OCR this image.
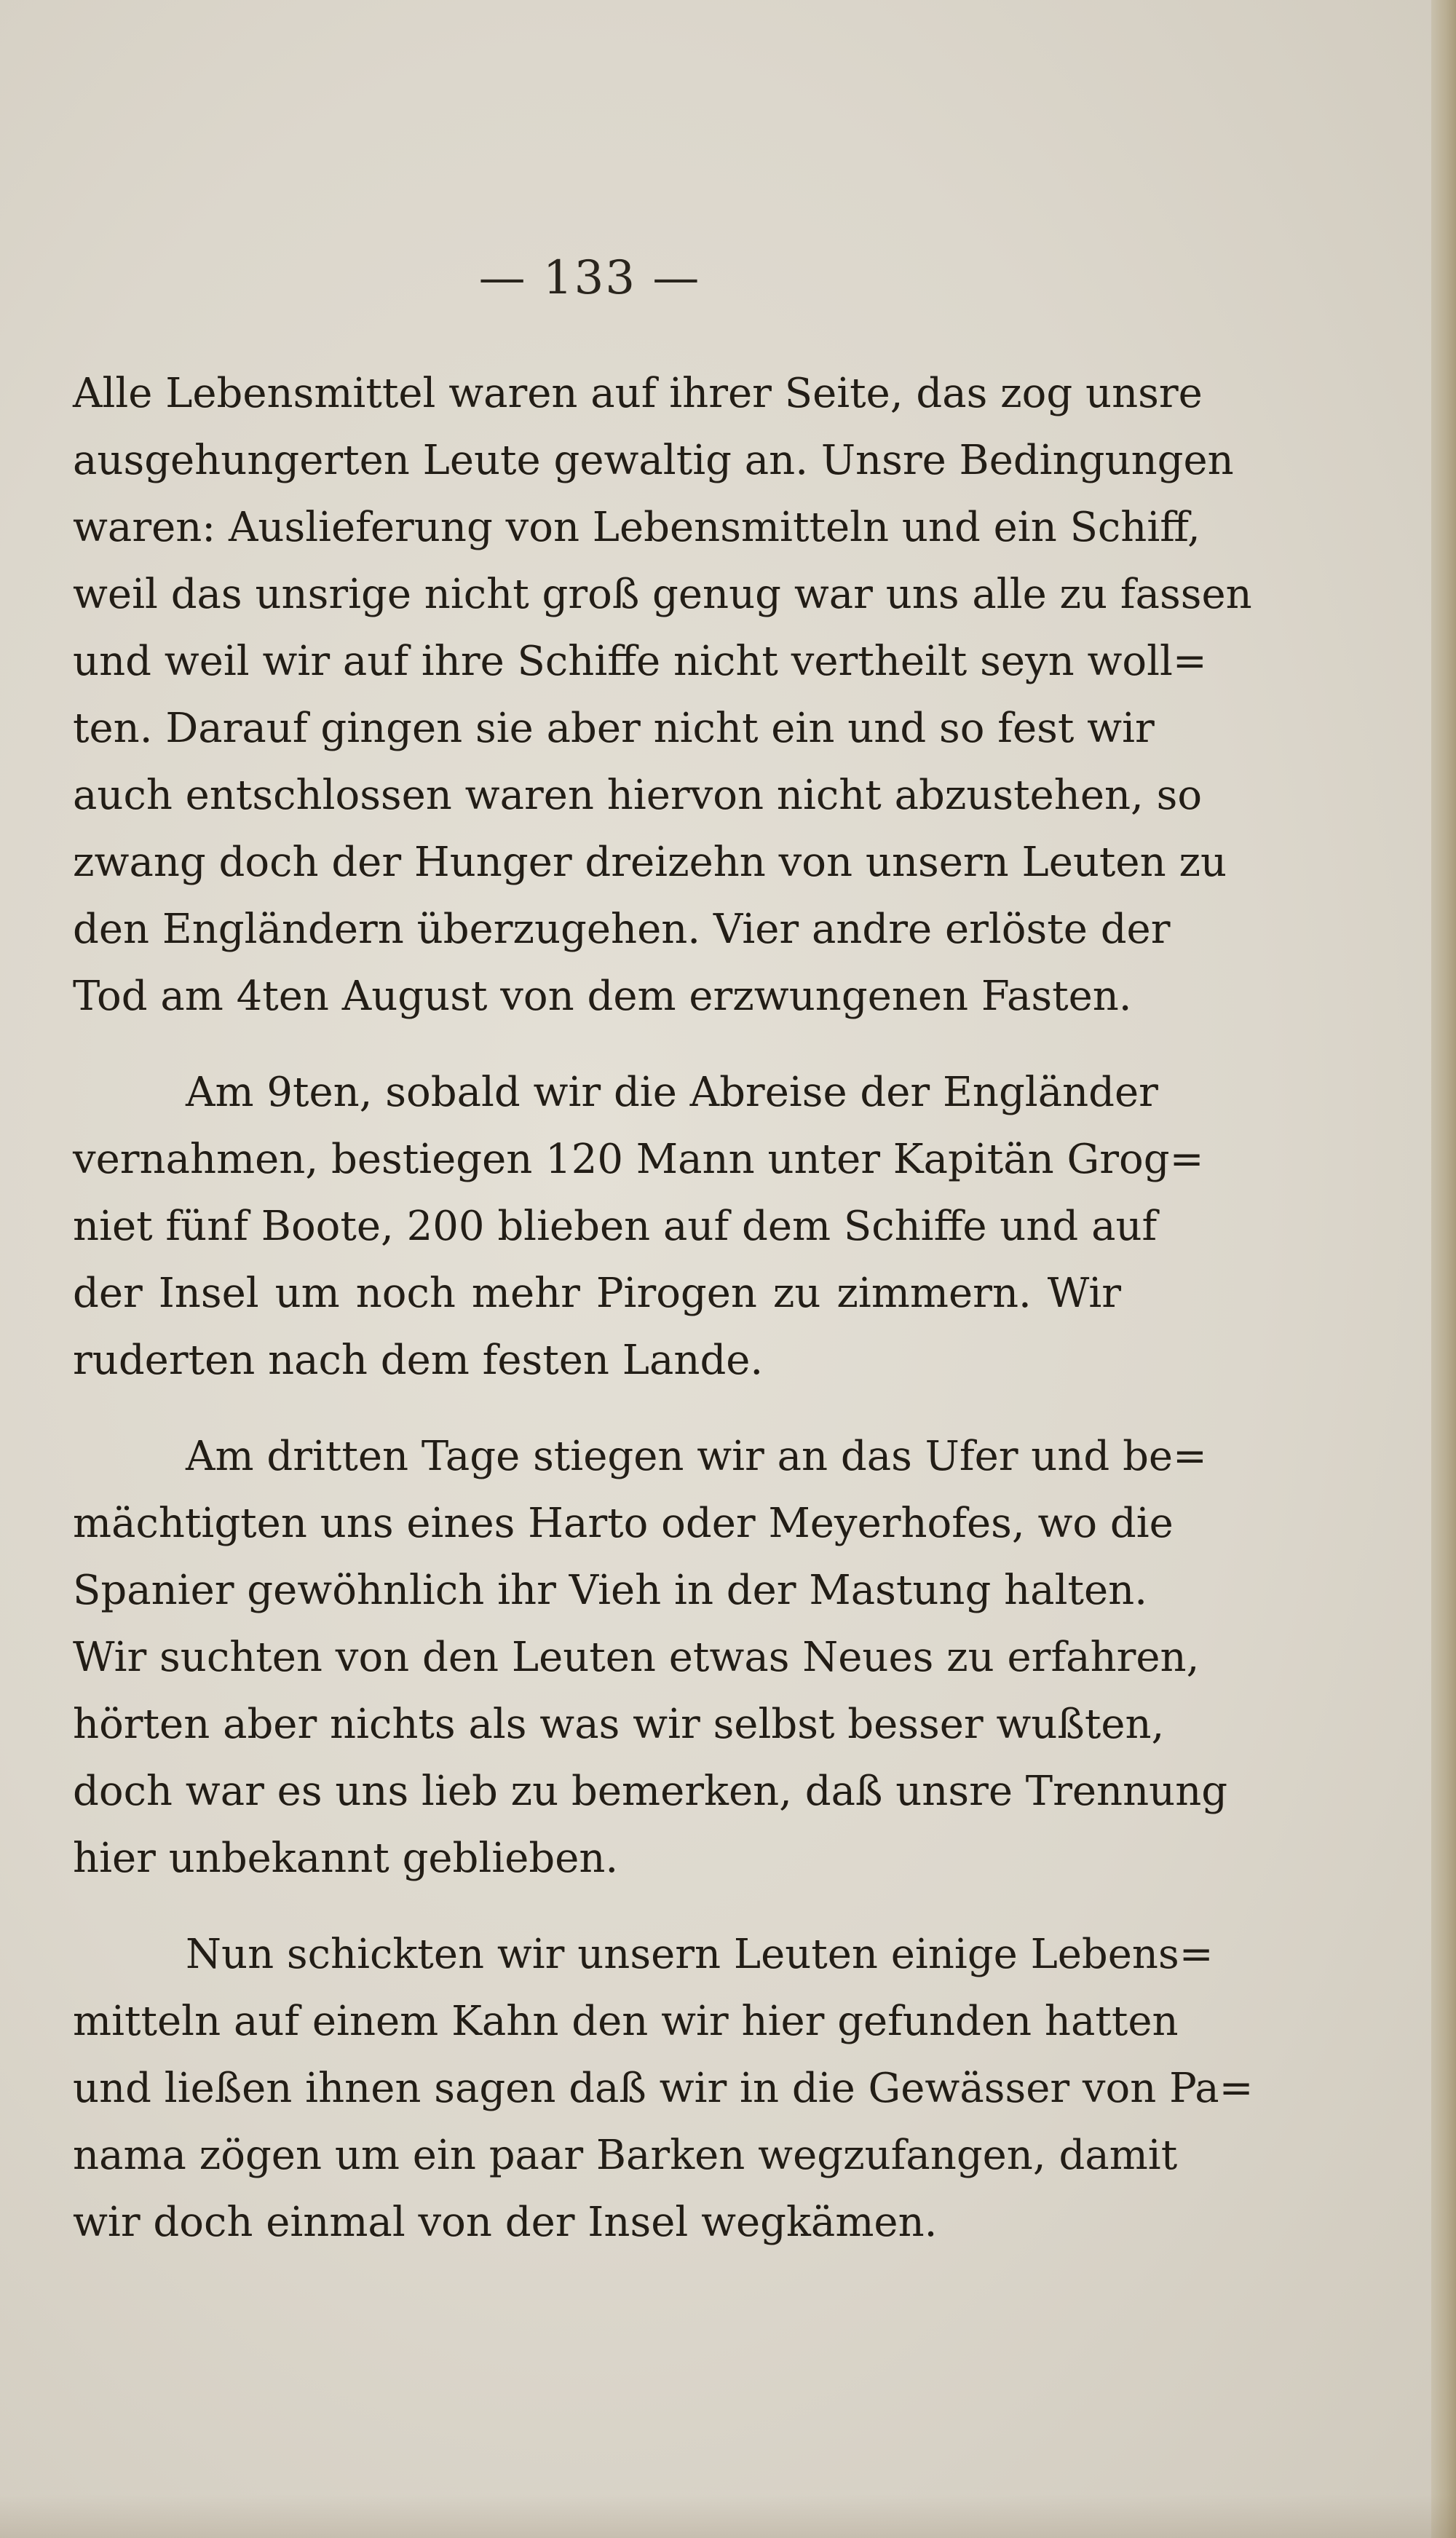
— 133 —
Alle Lebensmittel waren auf ihrer Seite, das zog unsre
ausgehungerten Leute gewaltig an. Unsre Bedingungen
waren: Auslieferung von Lebensmitteln und ein Schiff,
weil das unsrige nicht groß genug war uns alle zu fassen
und weil wir auf ihre Schiffe nicht vertheilt seyn woll=
ten. Darauf gingen sie aber nicht ein und so fest wir
auch entschlossen waren hiervon nicht abzustehen, so
zwang doch der Hunger dreizehn von unsern Leuten zu
den Engländern überzugehen. Vier andre erlöste der
Tod am 4ten August von dem erzwungenen Fasten.
Am 9ten, sobald wir die Abreise der Engländer
vernahmen, bestiegen 120 Mann unter Kapitän Grog=
niet fünf Boote, 200 blieben auf dem Schiffe und auf
der Insel um noch mehr Pirogen zu zimmern. Wir
ruderten nach dem festen Lande.
Am dritten Tage stiegen wir an das Ufer und be=
mächtigten uns eines Harto oder Meyerhofes, wo die
Spanier gewöhnlich ihr Vieh in der Mastung halten.
Wir suchten von den Leuten etwas Neues zu erfahren,
hörten aber nichts als was wir selbst besser wußten,
doch war es uns lieb zu bemerken, daß unsre Trennung
hier unbekannt geblieben.
Nun schickten wir unsern Leuten einige Lebens=
mitteln auf einem Kahn den wir hier gefunden hatten
und ließen ihnen sagen daß wir in die Gewässer von Pa=
nama zögen um ein paar Barken wegzufangen, damit
wir doch einmal von der Insel wegkämen.
